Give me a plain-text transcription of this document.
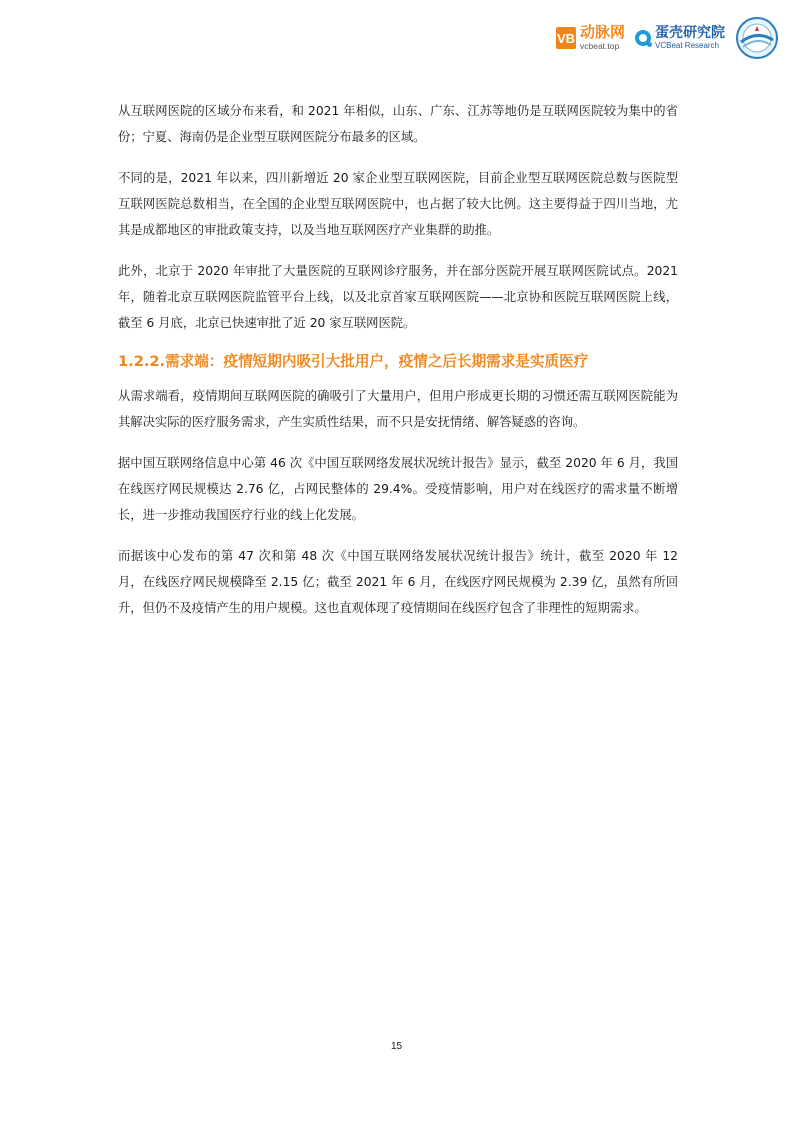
VB 动脉网
vcbeat.top
蛋壳研究院
VCBeat Research

从互联网医院的区域分布来看，和 2021 年相似，山东、广东、江苏等地仍是互联网医院较为集中的省份；宁夏、海南仍是企业型互联网医院分布最多的区域。

不同的是，2021 年以来，四川新增近 20 家企业型互联网医院，目前企业型互联网医院总数与医院型互联网医院总数相当，在全国的企业型互联网医院中，也占据了较大比例。这主要得益于四川当地，尤其是成都地区的审批政策支持，以及当地互联网医疗产业集群的助推。

此外，北京于 2020 年审批了大量医院的互联网诊疗服务，并在部分医院开展互联网医院试点。2021 年，随着北京互联网医院监管平台上线，以及北京首家互联网医院——北京协和医院互联网医院上线，截至 6 月底，北京已快速审批了近 20 家互联网医院。

1.2.2.需求端：疫情短期内吸引大批用户，疫情之后长期需求是实质医疗

从需求端看，疫情期间互联网医院的确吸引了大量用户，但用户形成更长期的习惯还需互联网医院能为其解决实际的医疗服务需求，产生实质性结果，而不只是安抚情绪、解答疑惑的咨询。

据中国互联网络信息中心第 46 次《中国互联网络发展状况统计报告》显示，截至 2020 年 6 月，我国在线医疗网民规模达 2.76 亿，占网民整体的 29.4%。受疫情影响，用户对在线医疗的需求量不断增长，进一步推动我国医疗行业的线上化发展。

而据该中心发布的第 47 次和第 48 次《中国互联网络发展状况统计报告》统计，截至 2020 年 12 月，在线医疗网民规模降至 2.15 亿；截至 2021 年 6 月，在线医疗网民规模为 2.39 亿，虽然有所回升，但仍不及疫情产生的用户规模。这也直观体现了疫情期间在线医疗包含了非理性的短期需求。

15
